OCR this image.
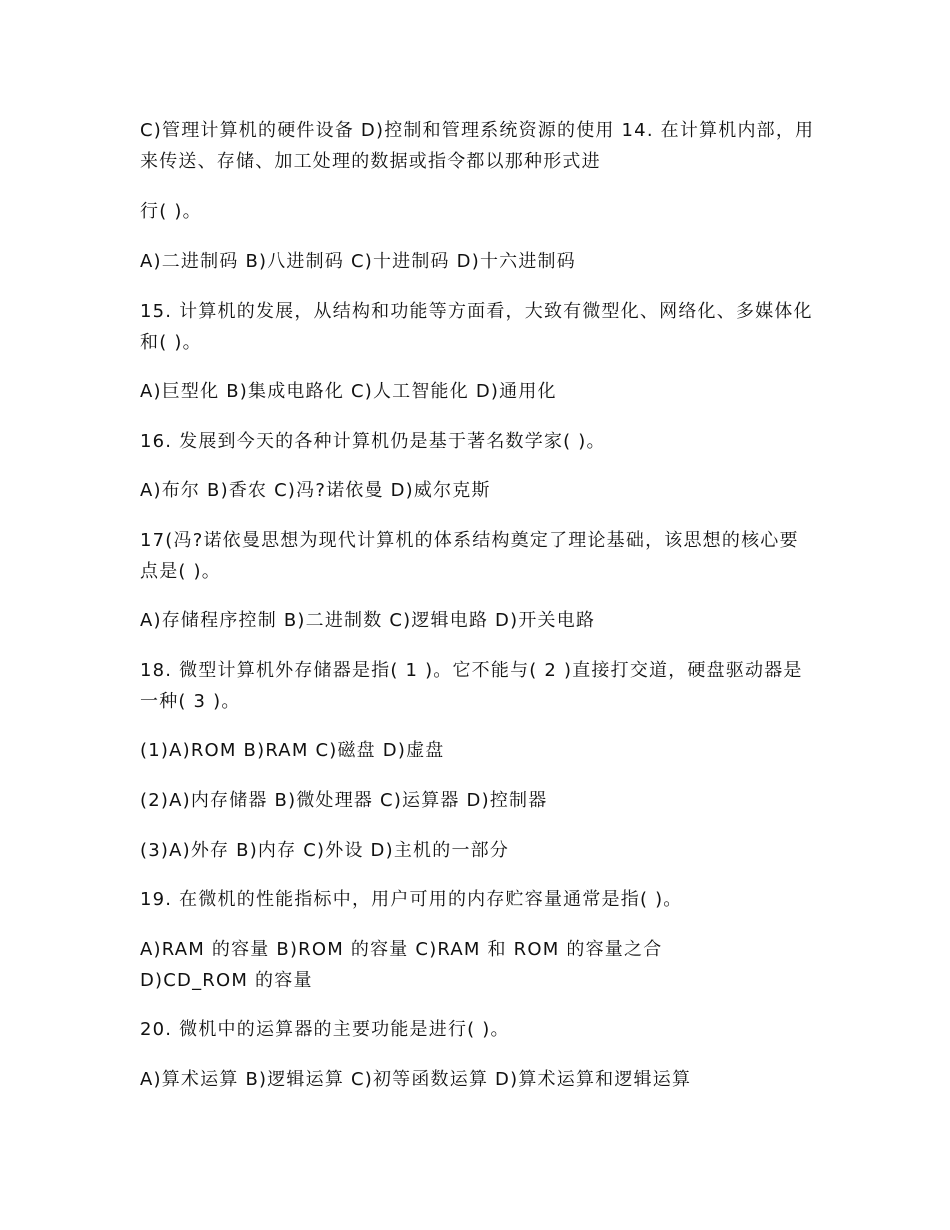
C)管理计算机的硬件设备 D)控制和管理系统资源的使用 14. 在计算机内部，用来传送、存储、加工处理的数据或指令都以那种形式进

行( )。

A)二进制码 B)八进制码 C)十进制码 D)十六进制码

15. 计算机的发展，从结构和功能等方面看，大致有微型化、网络化、多媒体化和( )。

A)巨型化 B)集成电路化 C)人工智能化 D)通用化

16. 发展到今天的各种计算机仍是基于著名数学家( )。

A)布尔 B)香农 C)冯?诺依曼 D)威尔克斯

17(冯?诺依曼思想为现代计算机的体系结构奠定了理论基础，该思想的核心要点是( )。

A)存储程序控制 B)二进制数 C)逻辑电路 D)开关电路

18. 微型计算机外存储器是指( 1 )。它不能与( 2 )直接打交道，硬盘驱动器是一种( 3 )。

(1)A)ROM B)RAM C)磁盘 D)虚盘

(2)A)内存储器 B)微处理器 C)运算器 D)控制器

(3)A)外存 B)内存 C)外设 D)主机的一部分

19. 在微机的性能指标中，用户可用的内存贮容量通常是指( )。

A)RAM 的容量 B)ROM 的容量 C)RAM 和 ROM 的容量之合 D)CD_ROM 的容量

20. 微机中的运算器的主要功能是进行( )。

A)算术运算 B)逻辑运算 C)初等函数运算 D)算术运算和逻辑运算
